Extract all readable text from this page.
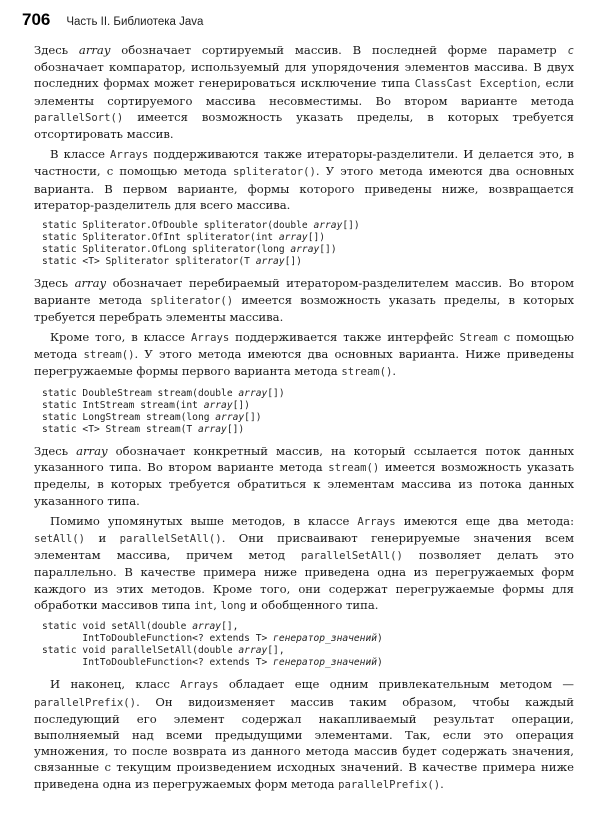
706 Часть II. Библиотека Java

Здесь array обозначает сортируемый массив. В последней форме параметр c обозначает компаратор, используемый для упорядочения элементов массива. В двух последних формах может генерироваться исключение типа ClassCast Exception, если элементы сортируемого массива несовместимы. Во втором варианте метода parallelSort() имеется возможность указать пределы, в которых требуется отсортировать массив.

В классе Arrays поддерживаются также итераторы-разделители. И делается это, в частности, с помощью метода spliterator(). У этого метода имеются два основных варианта. В первом варианте, формы которого приведены ниже, возвращается итератор-разделитель для всего массива.

static Spliterator.OfDouble spliterator(double array[])
static Spliterator.OfInt spliterator(int array[])
static Spliterator.OfLong spliterator(long array[])
static <T> Spliterator spliterator(T array[])

Здесь array обозначает перебираемый итератором-разделителем массив. Во втором варианте метода spliterator() имеется возможность указать пределы, в которых требуется перебрать элементы массива.

Кроме того, в классе Arrays поддерживается также интерфейс Stream с помощью метода stream(). У этого метода имеются два основных варианта. Ниже приведены перегружаемые формы первого варианта метода stream().

static DoubleStream stream(double array[])
static IntStream stream(int array[])
static LongStream stream(long array[])
static <T> Stream stream(T array[])

Здесь array обозначает конкретный массив, на который ссылается поток данных указанного типа. Во втором варианте метода stream() имеется возможность указать пределы, в которых требуется обратиться к элементам массива из потока данных указанного типа.

Помимо упомянутых выше методов, в классе Arrays имеются еще два метода: setAll() и parallelSetAll(). Они присваивают генерируемые значения всем элементам массива, причем метод parallelSetAll() позволяет делать это параллельно. В качестве примера ниже приведена одна из перегружаемых форм каждого из этих методов. Кроме того, они содержат перегружаемые формы для обработки массивов типа int, long и обобщенного типа.

static void setAll(double array[],
IntToDoubleFunction<? extends T> генератор_значений)
static void parallelSetAll(double array[],
IntToDoubleFunction<? extends T> генератор_значений)

И наконец, класс Arrays обладает еще одним привлекательным методом — parallelPrefix(). Он видоизменяет массив таким образом, чтобы каждый последующий его элемент содержал накапливаемый результат операции, выполняемый над всеми предыдущими элементами. Так, если это операция умножения, то после возврата из данного метода массив будет содержать значения, связанные с текущим произведением исходных значений. В качестве примера ниже приведена одна из перегружаемых форм метода parallelPrefix().
